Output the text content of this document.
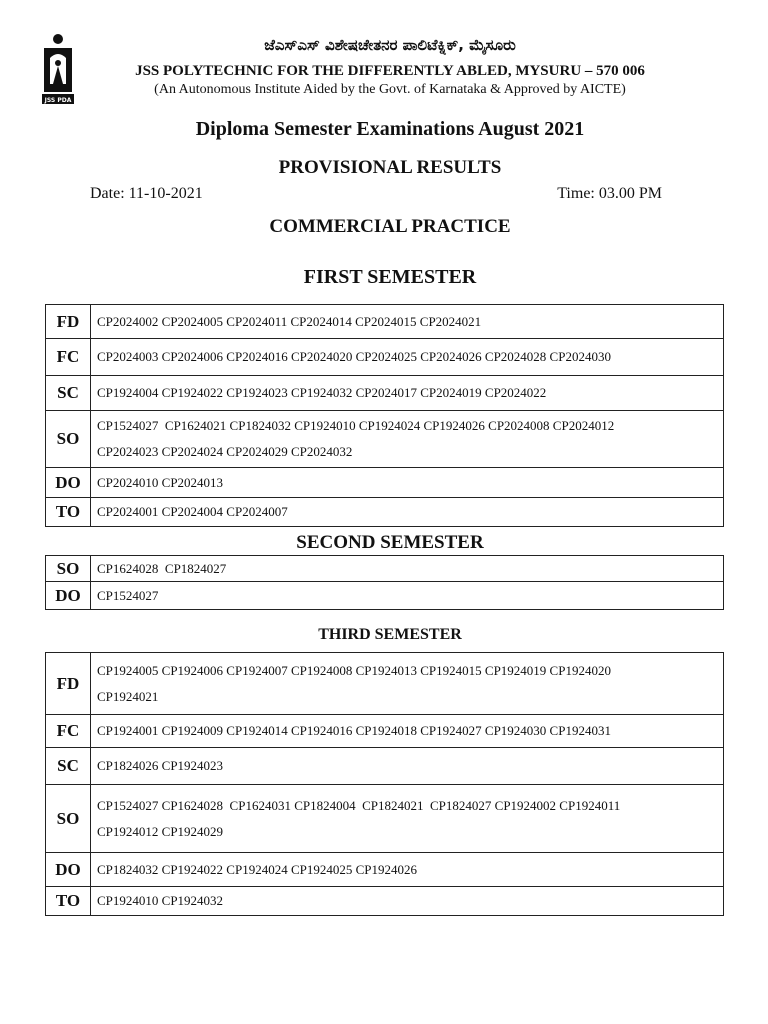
JSS PDA
ಜೆಎಸ್‌ಎಸ್ ವಿಶೇಷಚೇತನರ ಪಾಲಿಟೆಕ್ನಿಕ್, ಮೈಸೂರು
JSS POLYTECHNIC FOR THE DIFFERENTLY ABLED, MYSURU – 570 006
(An Autonomous Institute Aided by the Govt. of Karnataka & Approved by AICTE)
Diploma Semester Examinations August 2021
PROVISIONAL RESULTS
Date: 11-10-2021	Time: 03.00 PM
COMMERCIAL PRACTICE
FIRST SEMESTER
FD	CP2024002 CP2024005 CP2024011 CP2024014 CP2024015 CP2024021

FC	CP2024003 CP2024006 CP2024016 CP2024020 CP2024025 CP2024026 CP2024028 CP2024030

SC	CP1924004 CP1924022 CP1924023 CP1924032 CP2024017 CP2024019 CP2024022

SO	CP1524027  CP1624021 CP1824032 CP1924010 CP1924024 CP1924026 CP2024008 CP2024012
CP2024023 CP2024024 CP2024029 CP2024032

DO	CP2024010 CP2024013

TO	CP2024001 CP2024004 CP2024007
SECOND SEMESTER
SO	CP1624028  CP1824027

DO	CP1524027
THIRD SEMESTER
FD	CP1924005 CP1924006 CP1924007 CP1924008 CP1924013 CP1924015 CP1924019 CP1924020
CP1924021

FC	CP1924001 CP1924009 CP1924014 CP1924016 CP1924018 CP1924027 CP1924030 CP1924031

SC	CP1824026 CP1924023

SO	CP1524027 CP1624028  CP1624031 CP1824004  CP1824021  CP1824027 CP1924002 CP1924011
CP1924012 CP1924029

DO	CP1824032 CP1924022 CP1924024 CP1924025 CP1924026

TO	CP1924010 CP1924032
